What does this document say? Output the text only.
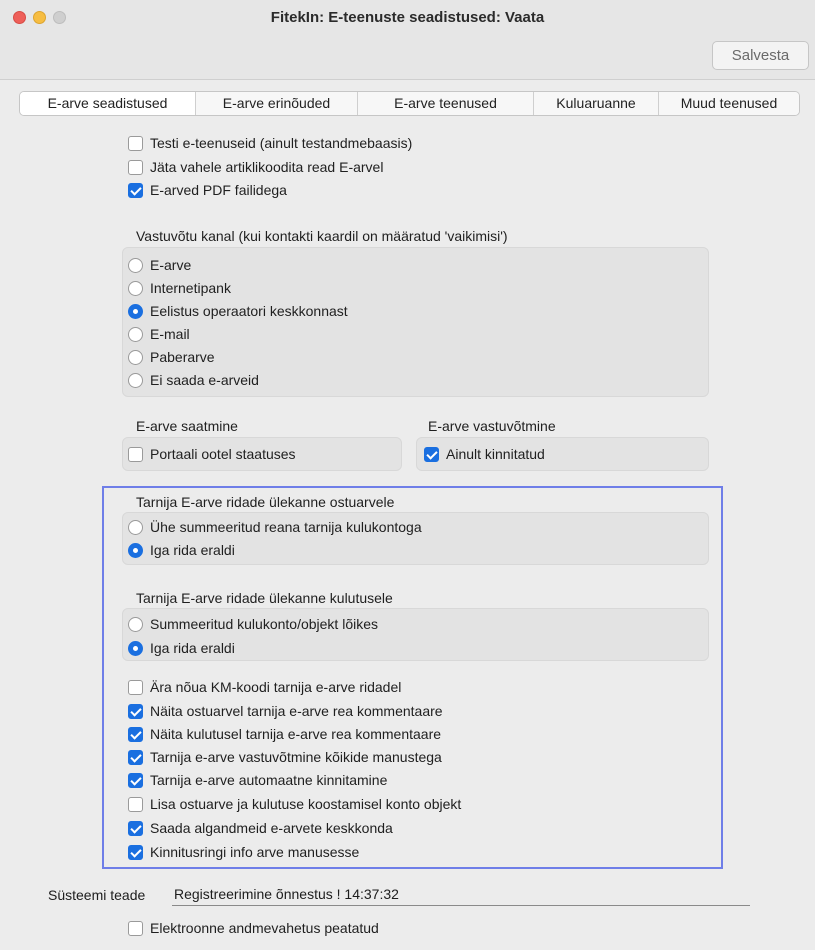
FitekIn: E-teenuste seadistused: Vaata
Salvesta
E-arve seadistused	E-arve erinõuded	E-arve teenused	Kuluaruanne	Muud teenused
Testi e-teenuseid (ainult testandmebaasis)
Jäta vahele artiklikoodita read E-arvel
E-arved PDF failidega
Vastuvõtu kanal (kui kontakti kaardil on määratud 'vaikimisi')
E-arve
Internetipank
Eelistus operaatori keskkonnast
E-mail
Paberarve
Ei saada e-arveid
E-arve saatmine
Portaali ootel staatuses
E-arve vastuvõtmine
Ainult kinnitatud
Tarnija E-arve ridade ülekanne ostuarvele
Ühe summeeritud reana tarnija kulukontoga
Iga rida eraldi
Tarnija E-arve ridade ülekanne kulutusele
Summeeritud kulukonto/objekt lõikes
Iga rida eraldi
Ära nõua KM-koodi tarnija e-arve ridadel
Näita ostuarvel tarnija e-arve rea kommentaare
Näita kulutusel tarnija e-arve rea kommentaare
Tarnija e-arve vastuvõtmine kõikide manustega
Tarnija e-arve automaatne kinnitamine
Lisa ostuarve ja kulutuse koostamisel konto objekt
Saada algandmeid e-arvete keskkonda
Kinnitusringi info arve manusesse
Süsteemi teade Registreerimine õnnestus ! 14:37:32
Elektroonne andmevahetus peatatud
